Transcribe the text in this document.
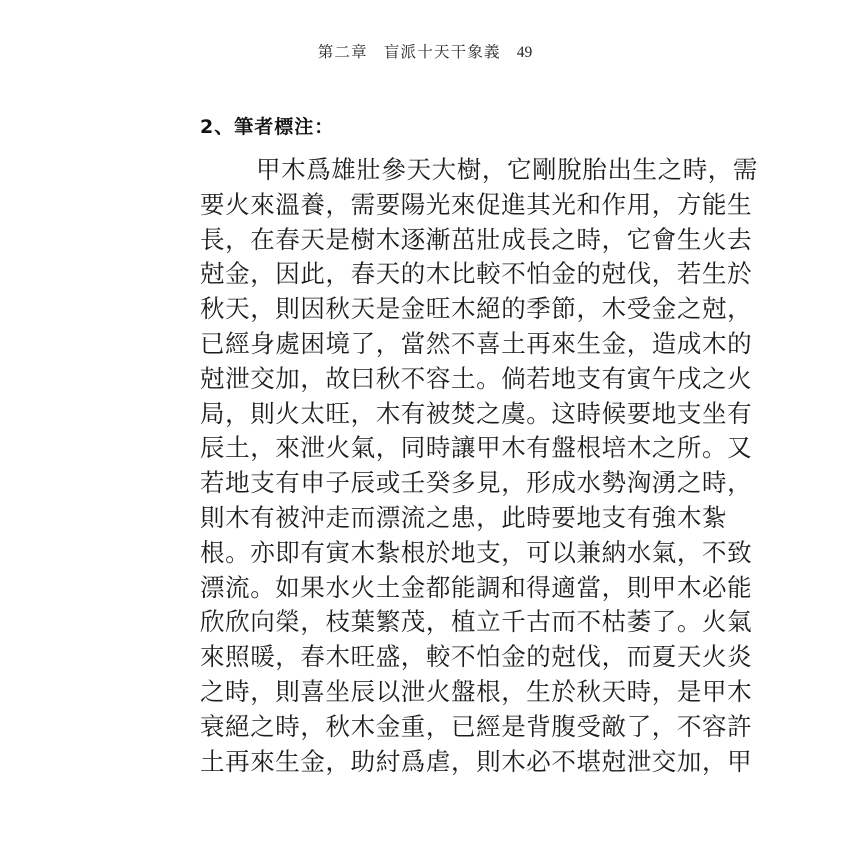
第二章 盲派十天干象義 49
2、筆者標注：
甲木爲雄壯參天大樹，它剛脫胎出生之時，需
要火來溫養，需要陽光來促進其光和作用，方能生
長，在春天是樹木逐漸茁壯成長之時，它會生火去
尅金，因此，春天的木比較不怕金的尅伐，若生於
秋天，則因秋天是金旺木絕的季節，木受金之尅，
已經身處困境了，當然不喜土再來生金，造成木的
尅泄交加，故曰秋不容土。倘若地支有寅午戌之火
局，則火太旺，木有被焚之虞。这時候要地支坐有
辰土，來泄火氣，同時讓甲木有盤根培木之所。又
若地支有申子辰或壬癸多見，形成水勢洶湧之時，
則木有被沖走而漂流之患，此時要地支有強木紮
根。亦即有寅木紮根於地支，可以兼納水氣，不致
漂流。如果水火土金都能調和得適當，則甲木必能
欣欣向榮，枝葉繁茂，植立千古而不枯萎了。火氣
來照暖，春木旺盛，較不怕金的尅伐，而夏天火炎
之時，則喜坐辰以泄火盤根，生於秋天時，是甲木
衰絕之時，秋木金重，已經是背腹受敵了，不容許
土再來生金，助紂爲虐，則木必不堪尅泄交加，甲
